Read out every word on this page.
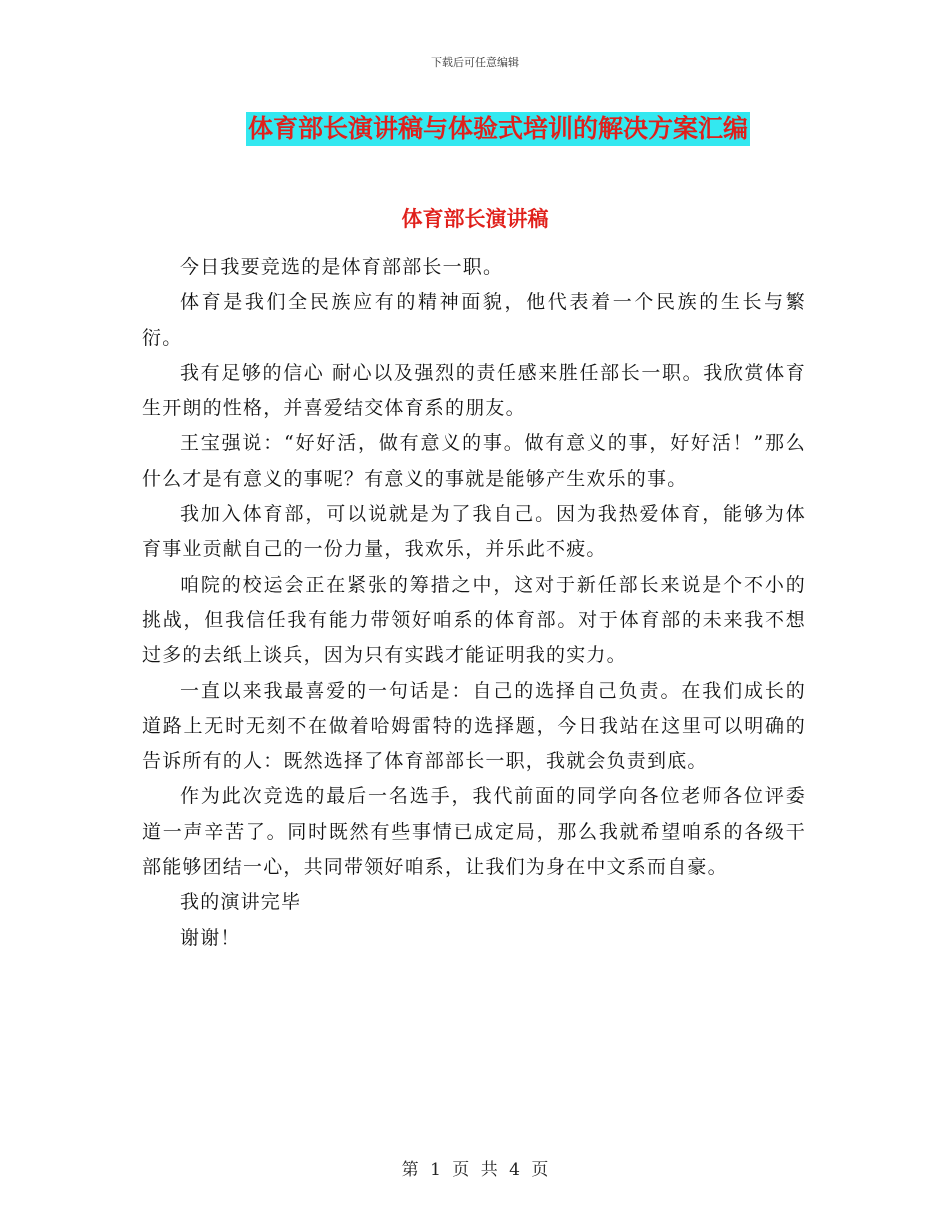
下载后可任意编辑
体育部长演讲稿与体验式培训的解决方案汇编
体育部长演讲稿

今日我要竞选的是体育部部长一职。

体育是我们全民族应有的精神面貌，他代表着一个民族的生长与繁衍。

我有足够的信心 耐心以及强烈的责任感来胜任部长一职。我欣赏体育生开朗的性格，并喜爱结交体育系的朋友。

王宝强说：“好好活，做有意义的事。做有意义的事，好好活！”那么什么才是有意义的事呢？有意义的事就是能够产生欢乐的事。

我加入体育部，可以说就是为了我自己。因为我热爱体育，能够为体育事业贡献自己的一份力量，我欢乐，并乐此不疲。

咱院的校运会正在紧张的筹措之中，这对于新任部长来说是个不小的挑战，但我信任我有能力带领好咱系的体育部。对于体育部的未来我不想过多的去纸上谈兵，因为只有实践才能证明我的实力。

一直以来我最喜爱的一句话是：自己的选择自己负责。在我们成长的道路上无时无刻不在做着哈姆雷特的选择题，今日我站在这里可以明确的告诉所有的人：既然选择了体育部部长一职，我就会负责到底。

作为此次竞选的最后一名选手，我代前面的同学向各位老师各位评委道一声辛苦了。同时既然有些事情已成定局，那么我就希望咱系的各级干部能够团结一心，共同带领好咱系，让我们为身在中文系而自豪。

我的演讲完毕

谢谢！

第 1 页 共 4 页
